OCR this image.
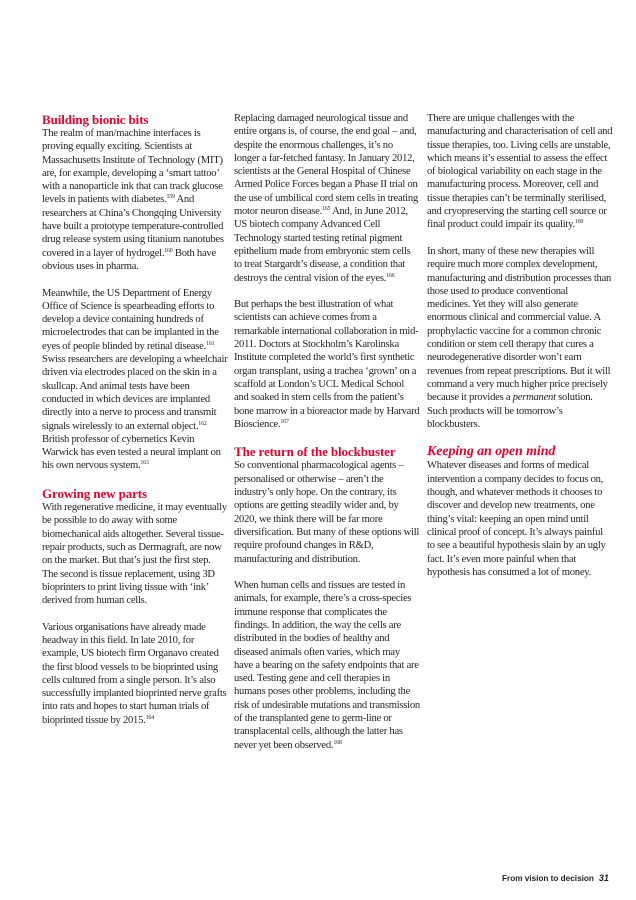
Building bionic bits

The realm of man/machine interfaces is proving equally exciting. Scientists at Massachusetts Institute of Technology (MIT) are, for example, developing a ‘smart tattoo’ with a nanoparticle ink that can track glucose levels in patients with diabetes.$^{159}$ And researchers at China’s Chongqing University have built a prototype temperature-controlled drug release system using titanium nanotubes covered in a layer of hydrogel.$^{160}$ Both have obvious uses in pharma.

Meanwhile, the US Department of Energy Office of Science is spearheading efforts to develop a device containing hundreds of microelectrodes that can be implanted in the eyes of people blinded by retinal disease.$^{161}$ Swiss researchers are developing a wheelchair driven via electrodes placed on the skin in a skullcap. And animal tests have been conducted in which devices are implanted directly into a nerve to process and transmit signals wirelessly to an external object.$^{162}$ British professor of cybernetics Kevin Warwick has even tested a neural implant on his own nervous system.$^{163}$

Growing new parts

With regenerative medicine, it may eventually be possible to do away with some biomechanical aids altogether. Several tissue-repair products, such as Dermagraft, are now on the market. But that’s just the first step. The second is tissue replacement, using 3D bioprinters to print living tissue with ‘ink’ derived from human cells.

Various organisations have already made headway in this field. In late 2010, for example, US biotech firm Organavo created the first blood vessels to be bioprinted using cells cultured from a single person. It’s also successfully implanted bioprinted nerve grafts into rats and hopes to start human trials of bioprinted tissue by 2015.$^{164}$

Replacing damaged neurological tissue and entire organs is, of course, the end goal – and, despite the enormous challenges, it’s no longer a far-fetched fantasy. In January 2012, scientists at the General Hospital of Chinese Armed Police Forces began a Phase II trial on the use of umbilical cord stem cells in treating motor neuron disease.$^{165}$ And, in June 2012, US biotech company Advanced Cell Technology started testing retinal pigment epithelium made from embryonic stem cells to treat Stargardt’s disease, a condition that destroys the central vision of the eyes.$^{166}$

But perhaps the best illustration of what scientists can achieve comes from a remarkable international collaboration in mid-2011. Doctors at Stockholm’s Karolinska Institute completed the world’s first synthetic organ transplant, using a trachea ‘grown’ on a scaffold at London’s UCL Medical School and soaked in stem cells from the patient’s bone marrow in a bioreactor made by Harvard Bioscience.$^{167}$

The return of the blockbuster

So conventional pharmacological agents – personalised or otherwise – aren’t the industry’s only hope. On the contrary, its options are getting steadily wider and, by 2020, we think there will be far more diversification. But many of these options will require profound changes in R&D, manufacturing and distribution.

When human cells and tissues are tested in animals, for example, there’s a cross-species immune response that complicates the findings. In addition, the way the cells are distributed in the bodies of healthy and diseased animals often varies, which may have a bearing on the safety endpoints that are used. Testing gene and cell therapies in humans poses other problems, including the risk of undesirable mutations and transmission of the transplanted gene to germ-line or transplacental cells, although the latter has never yet been observed.$^{168}$

There are unique challenges with the manufacturing and characterisation of cell and tissue therapies, too. Living cells are unstable, which means it’s essential to assess the effect of biological variability on each stage in the manufacturing process. Moreover, cell and tissue therapies can’t be terminally sterilised, and cryopreserving the starting cell source or final product could impair its quality.$^{169}$

In short, many of these new therapies will require much more complex development, manufacturing and distribution processes than those used to produce conventional medicines. Yet they will also generate enormous clinical and commercial value. A prophylactic vaccine for a common chronic condition or stem cell therapy that cures a neurodegenerative disorder won’t earn revenues from repeat prescriptions. But it will command a very much higher price precisely because it provides a permanent solution. Such products will be tomorrow’s blockbusters.

Keeping an open mind

Whatever diseases and forms of medical intervention a company decides to focus on, though, and whatever methods it chooses to discover and develop new treatments, one thing’s vital: keeping an open mind until clinical proof of concept. It’s always painful to see a beautiful hypothesis slain by an ugly fact. It’s even more painful when that hypothesis has consumed a lot of money.

From vision to decision 31
